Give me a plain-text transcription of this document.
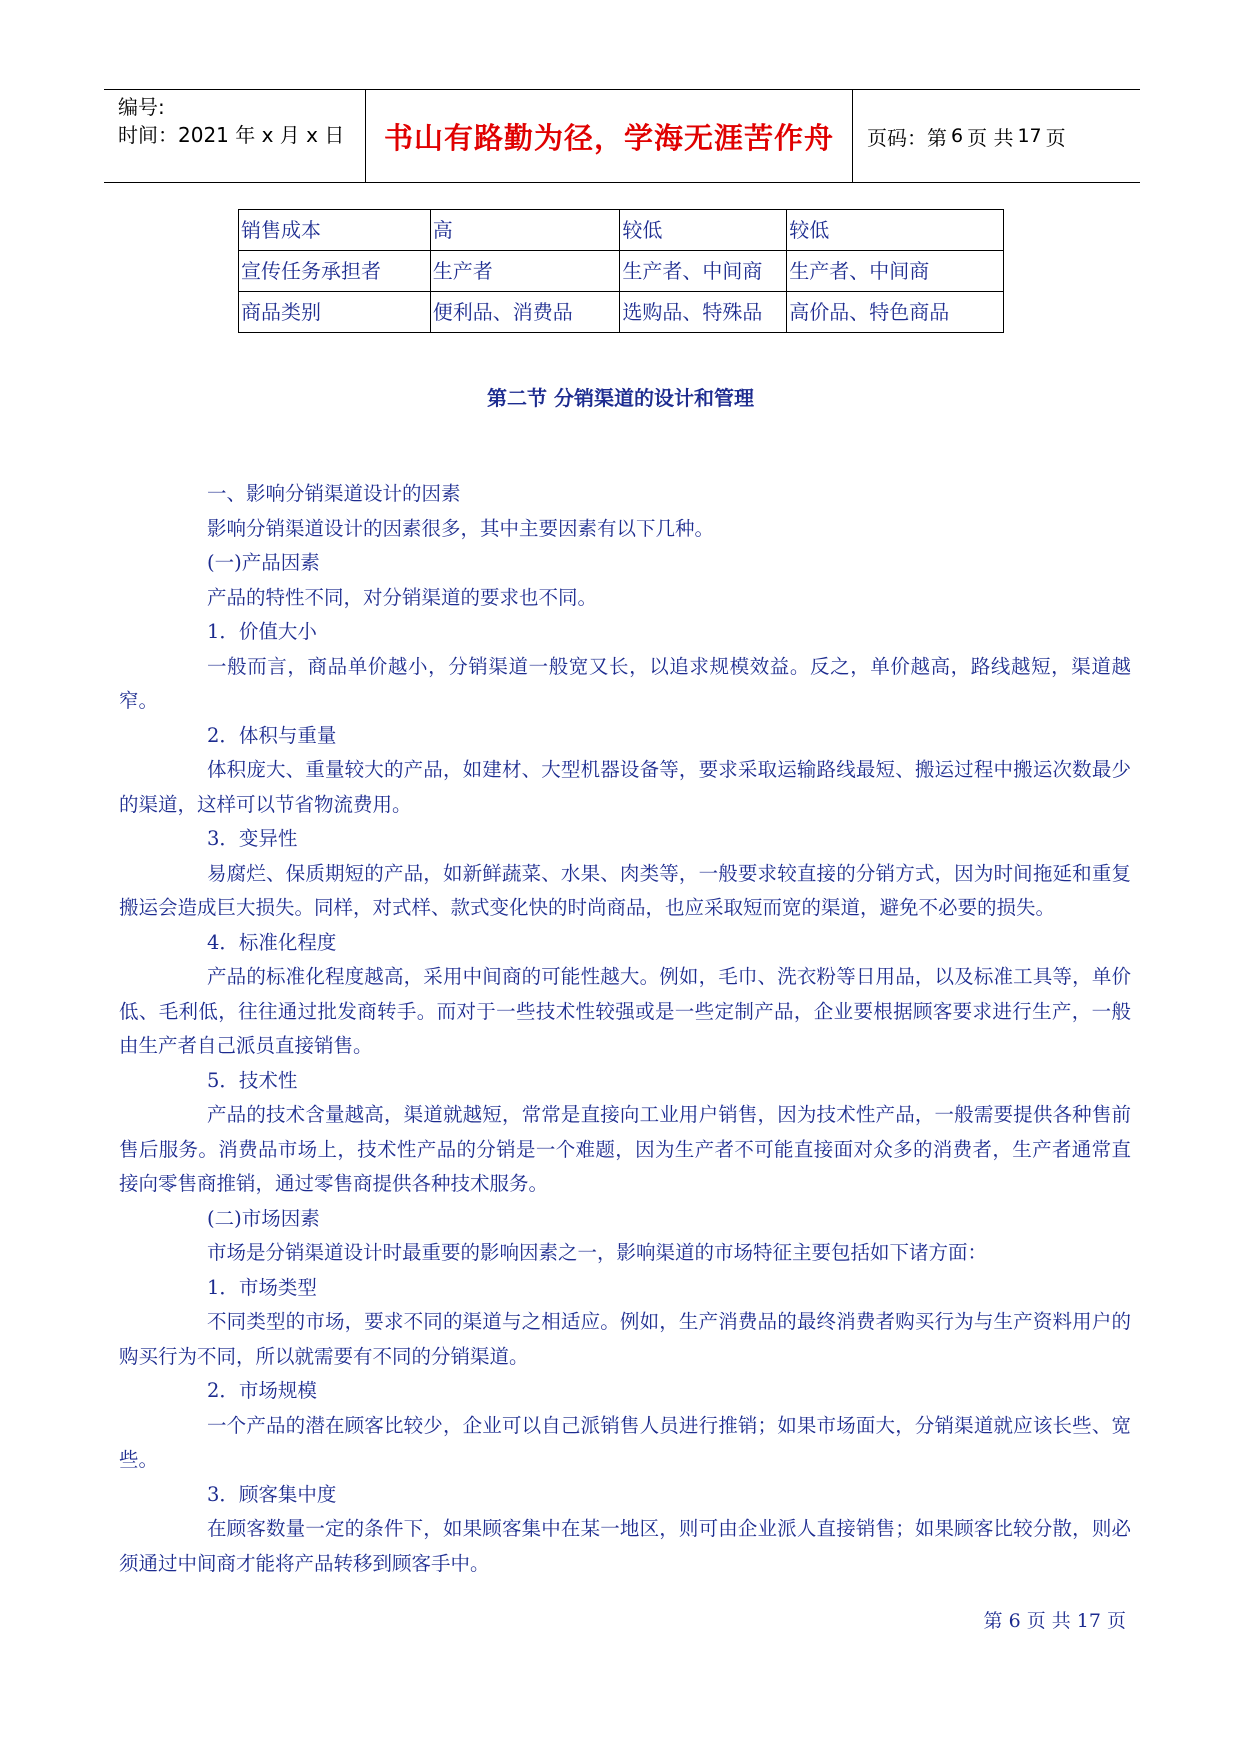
编号:
时间：2021 年 x 月 x 日	书山有路勤为径，学海无涯苦作舟	页码：第 6 页 共 17 页
销售成本	高	较低	较低
宣传任务承担者	生产者	生产者、中间商	生产者、中间商
商品类别	便利品、消费品	选购品、特殊品	高价品、特色商品
第二节 分销渠道的设计和管理

一、影响分销渠道设计的因素

影响分销渠道设计的因素很多，其中主要因素有以下几种。

(一)产品因素

产品的特性不同，对分销渠道的要求也不同。

1．价值大小

一般而言，商品单价越小，分销渠道一般宽又长，以追求规模效益。反之，单价越高，路线越短，渠道越窄。

2．体积与重量

体积庞大、重量较大的产品，如建材、大型机器设备等，要求采取运输路线最短、搬运过程中搬运次数最少的渠道，这样可以节省物流费用。

3．变异性

易腐烂、保质期短的产品，如新鲜蔬菜、水果、肉类等，一般要求较直接的分销方式，因为时间拖延和重复搬运会造成巨大损失。同样，对式样、款式变化快的时尚商品，也应采取短而宽的渠道，避免不必要的损失。

4．标准化程度

产品的标准化程度越高，采用中间商的可能性越大。例如，毛巾、洗衣粉等日用品，以及标准工具等，单价低、毛利低，往往通过批发商转手。而对于一些技术性较强或是一些定制产品，企业要根据顾客要求进行生产，一般由生产者自己派员直接销售。

5．技术性

产品的技术含量越高，渠道就越短，常常是直接向工业用户销售，因为技术性产品，一般需要提供各种售前售后服务。消费品市场上，技术性产品的分销是一个难题，因为生产者不可能直接面对众多的消费者，生产者通常直接向零售商推销，通过零售商提供各种技术服务。

(二)市场因素

市场是分销渠道设计时最重要的影响因素之一，影响渠道的市场特征主要包括如下诸方面：

1．市场类型

不同类型的市场，要求不同的渠道与之相适应。例如，生产消费品的最终消费者购买行为与生产资料用户的购买行为不同，所以就需要有不同的分销渠道。

2．市场规模

一个产品的潜在顾客比较少，企业可以自己派销售人员进行推销；如果市场面大，分销渠道就应该长些、宽些。

3．顾客集中度

在顾客数量一定的条件下，如果顾客集中在某一地区，则可由企业派人直接销售；如果顾客比较分散，则必须通过中间商才能将产品转移到顾客手中。

第 6 页 共 17 页
